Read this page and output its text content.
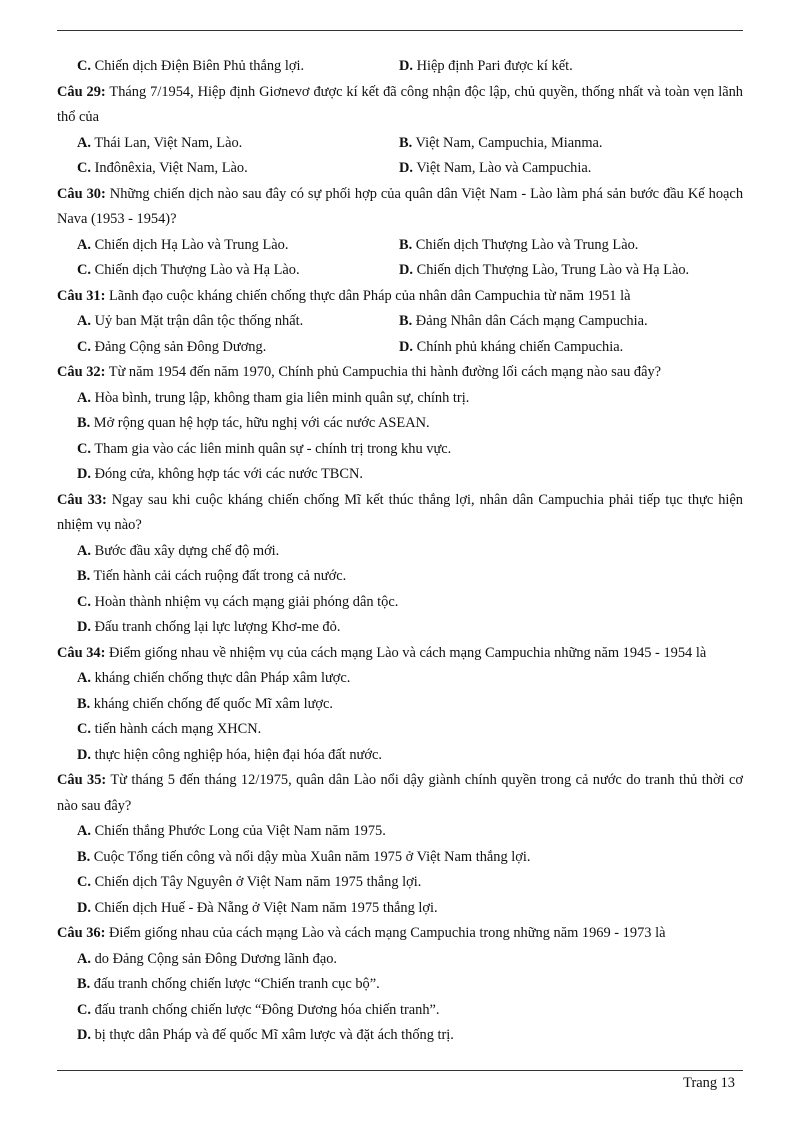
C. Chiến dịch Điện Biên Phủ thắng lợi.	D. Hiệp định Pari được kí kết.

Câu 29: Tháng 7/1954, Hiệp định Giơnevơ được kí kết đã công nhận độc lập, chủ quyền, thống nhất và toàn vẹn lãnh thổ của

A. Thái Lan, Việt Nam, Lào.	B. Việt Nam, Campuchia, Mianma.
C. Inđônêxia, Việt Nam, Lào.	D. Việt Nam, Lào và Campuchia.

Câu 30: Những chiến dịch nào sau đây có sự phối hợp của quân dân Việt Nam - Lào làm phá sản bước đầu Kế hoạch Nava (1953 - 1954)?

A. Chiến dịch Hạ Lào và Trung Lào.	B. Chiến dịch Thượng Lào và Trung Lào.
C. Chiến dịch Thượng Lào và Hạ Lào.	D. Chiến dịch Thượng Lào, Trung Lào và Hạ Lào.

Câu 31: Lãnh đạo cuộc kháng chiến chống thực dân Pháp của nhân dân Campuchia từ năm 1951 là

A. Uỷ ban Mặt trận dân tộc thống nhất.	B. Đảng Nhân dân Cách mạng Campuchia.
C. Đảng Cộng sản Đông Dương.	D. Chính phủ kháng chiến Campuchia.

Câu 32: Từ năm 1954 đến năm 1970, Chính phủ Campuchia thi hành đường lối cách mạng nào sau đây?

A. Hòa bình, trung lập, không tham gia liên minh quân sự, chính trị.
B. Mở rộng quan hệ hợp tác, hữu nghị với các nước ASEAN.
C. Tham gia vào các liên minh quân sự - chính trị trong khu vực.
D. Đóng cửa, không hợp tác với các nước TBCN.

Câu 33: Ngay sau khi cuộc kháng chiến chống Mĩ kết thúc thắng lợi, nhân dân Campuchia phải tiếp tục thực hiện nhiệm vụ nào?

A. Bước đầu xây dựng chế độ mới.
B. Tiến hành cải cách ruộng đất trong cả nước.
C. Hoàn thành nhiệm vụ cách mạng giải phóng dân tộc.
D. Đấu tranh chống lại lực lượng Khơ-me đỏ.

Câu 34: Điểm giống nhau về nhiệm vụ của cách mạng Lào và cách mạng Campuchia những năm 1945 - 1954 là

A. kháng chiến chống thực dân Pháp xâm lược.
B. kháng chiến chống đế quốc Mĩ xâm lược.
C. tiến hành cách mạng XHCN.
D. thực hiện công nghiệp hóa, hiện đại hóa đất nước.

Câu 35: Từ tháng 5 đến tháng 12/1975, quân dân Lào nổi dậy giành chính quyền trong cả nước do tranh thủ thời cơ nào sau đây?

A. Chiến thắng Phước Long của Việt Nam năm 1975.
B. Cuộc Tổng tiến công và nổi dậy mùa Xuân năm 1975 ở Việt Nam thắng lợi.
C. Chiến dịch Tây Nguyên ở Việt Nam năm 1975 thắng lợi.
D. Chiến dịch Huế - Đà Nẵng ở Việt Nam năm 1975 thắng lợi.

Câu 36: Điểm giống nhau của cách mạng Lào và cách mạng Campuchia trong những năm 1969 - 1973 là

A. do Đảng Cộng sản Đông Dương lãnh đạo.
B. đấu tranh chống chiến lược “Chiến tranh cục bộ”.
C. đấu tranh chống chiến lược “Đông Dương hóa chiến tranh”.
D. bị thực dân Pháp và đế quốc Mĩ xâm lược và đặt ách thống trị.
Trang 13
